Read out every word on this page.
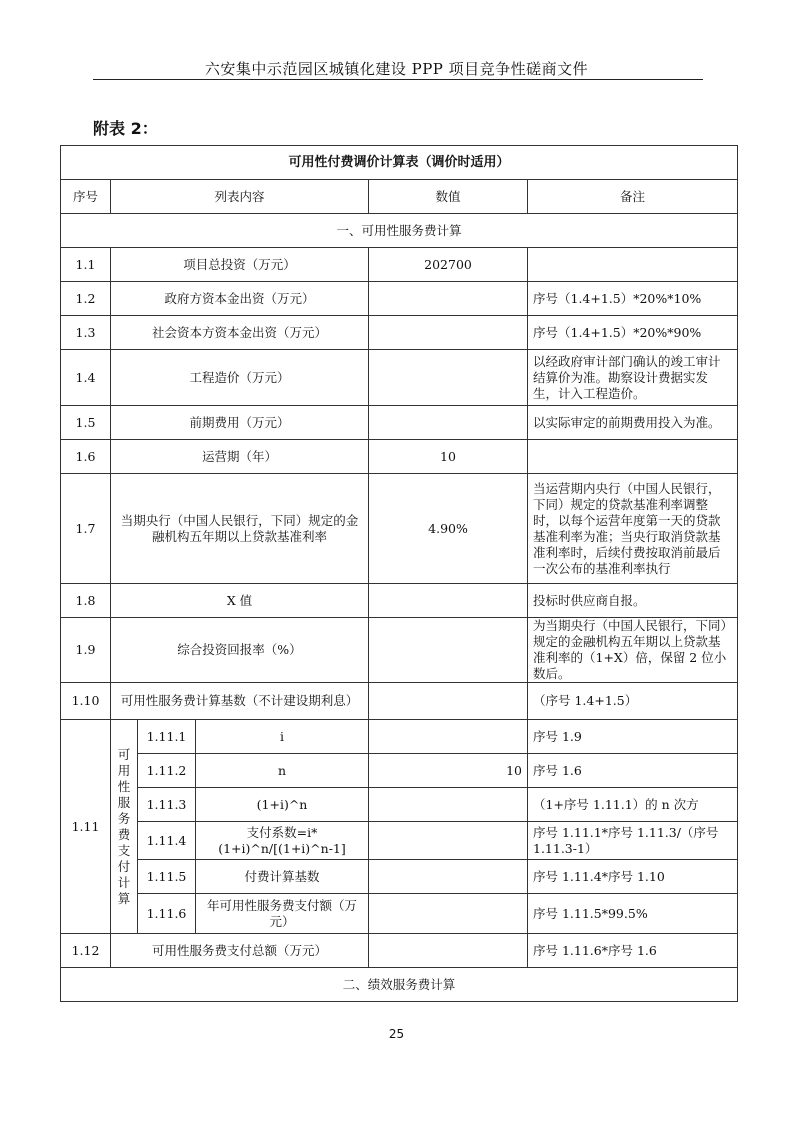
六安集中示范园区城镇化建设 PPP 项目竞争性磋商文件
附表 2：
可用性付费调价计算表（调价时适用）					
序号	列表内容			数值	备注
一、可用性服务费计算					
1.1	项目总投资（万元）			202700	
1.2	政府方资本金出资（万元）				序号（1.4+1.5）*20%*10%
1.3	社会资本方资本金出资（万元）				序号（1.4+1.5）*20%*90%
1.4	工程造价（万元）				以经政府审计部门确认的竣工审计结算价为准。勘察设计费据实发生，计入工程造价。
1.5	前期费用（万元）				以实际审定的前期费用投入为准。
1.6	运营期（年）			10	
1.7	当期央行（中国人民银行，下同）规定的金融机构五年期以上贷款基准利率			4.90%	当运营期内央行（中国人民银行，下同）规定的贷款基准利率调整时，以每个运营年度第一天的贷款基准利率为准；当央行取消贷款基准利率时，后续付费按取消前最后一次公布的基准利率执行
1.8	X 值				投标时供应商自报。
1.9	综合投资回报率（%）				为当期央行（中国人民银行，下同）规定的金融机构五年期以上贷款基准利率的（1+X）倍，保留 2 位小数后。
1.10	可用性服务费计算基数（不计建设期利息）				（序号 1.4+1.5）
1.11	可用性服务费支付计算	1.11.1	i		序号 1.9
		1.11.2	n	10	序号 1.6
		1.11.3	(1+i)^n		（1+序号 1.11.1）的 n 次方
		1.11.4	支付系数=i*(1+i)^n/[(1+i)^n-1]		序号 1.11.1*序号 1.11.3/（序号 1.11.3-1）
		1.11.5	付费计算基数		序号 1.11.4*序号 1.10
		1.11.6	年可用性服务费支付额（万元）		序号 1.11.5*99.5%
1.12	可用性服务费支付总额（万元）				序号 1.11.6*序号 1.6
二、绩效服务费计算					
25
